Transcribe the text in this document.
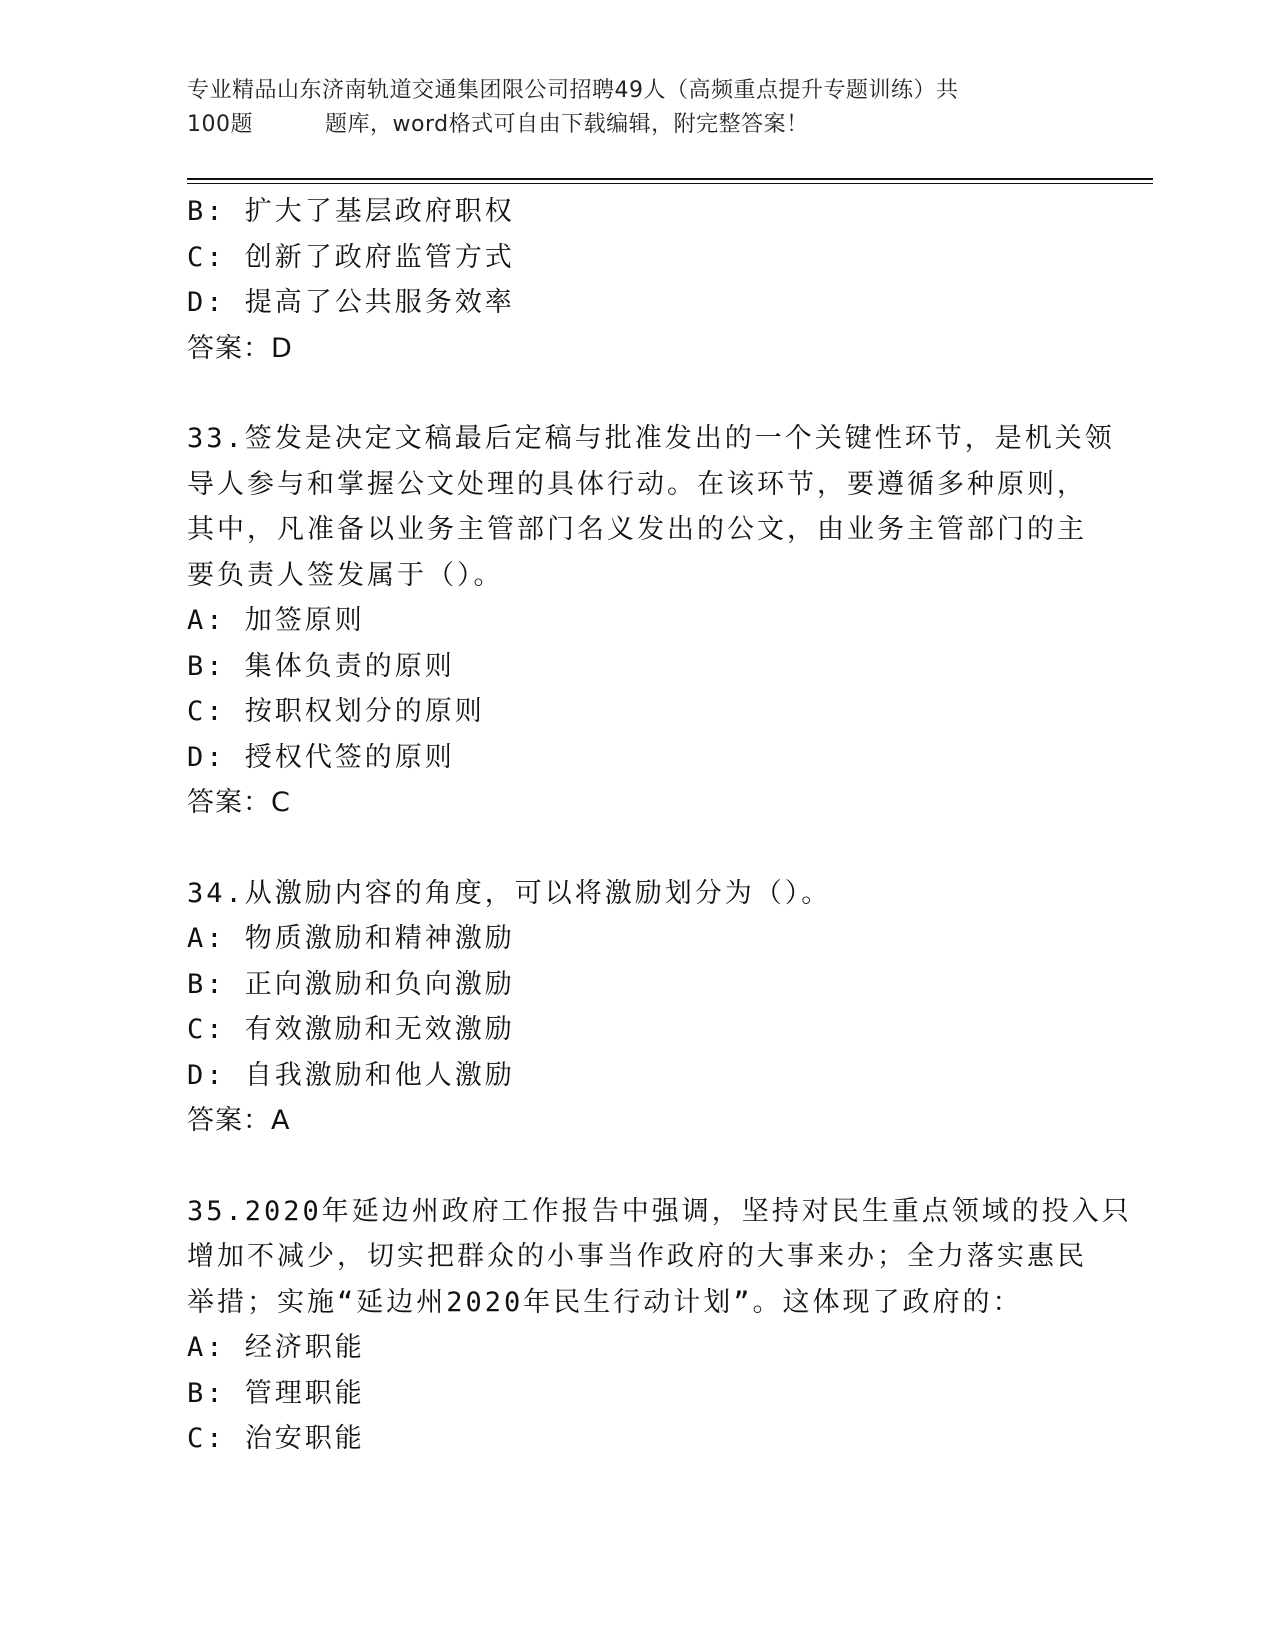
专业精品山东济南轨道交通集团限公司招聘49人（高频重点提升专题训练）共
100题	题库，word格式可自由下载编辑，附完整答案！
B: 扩大了基层政府职权
C: 创新了政府监管方式
D: 提高了公共服务效率
答案：D
33.签发是决定文稿最后定稿与批准发出的一个关键性环节，是机关领
导人参与和掌握公文处理的具体行动。在该环节，要遵循多种原则，
其中，凡准备以业务主管部门名义发出的公文，由业务主管部门的主
要负责人签发属于（）。
A: 加签原则
B: 集体负责的原则
C: 按职权划分的原则
D: 授权代签的原则
答案：C
34.从激励内容的角度，可以将激励划分为（）。
A: 物质激励和精神激励
B: 正向激励和负向激励
C: 有效激励和无效激励
D: 自我激励和他人激励
答案：A
35.2020年延边州政府工作报告中强调，坚持对民生重点领域的投入只
增加不减少，切实把群众的小事当作政府的大事来办；全力落实惠民
举措；实施“延边州2020年民生行动计划”。这体现了政府的：
A: 经济职能
B: 管理职能
C: 治安职能
